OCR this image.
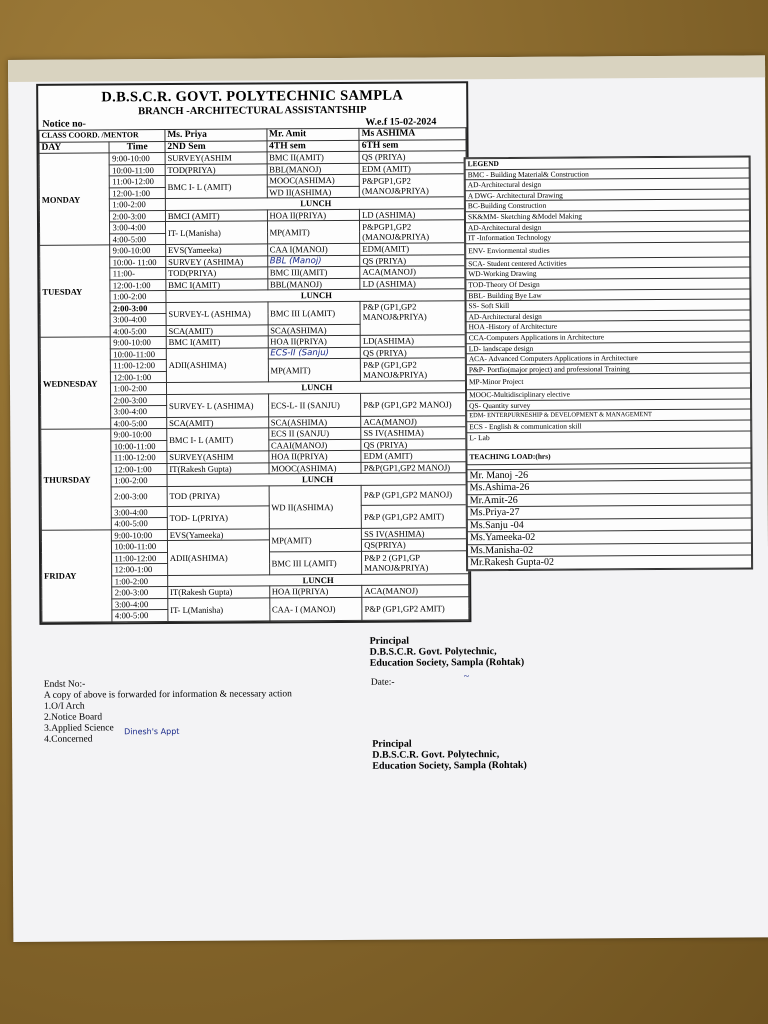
D.B.S.C.R. GOVT. POLYTECHNIC SAMPLA
BRANCH -ARCHITECTURAL ASSISTANTSHIP
Notice no-	W.e.f 15-02-2024
CLASS COORD. /MENTOR		Ms. Priya	Mr. Amit	Ms ASHIMA
DAY	Time	2ND Sem	4TH sem	6TH sem
MONDAY	9:00-10:00	SURVEY(ASHIM	BMC II(AMIT)	QS (PRIYA)
	10:00-11:00	TOD(PRIYA)	BBL(MANOJ)	EDM (AMIT)
	11:00-12:00	BMC I- L (AMIT)	MOOC(ASHIMA)	P&PGP1,GP2 (MANOJ&PRIYA)
	12:00-1:00		WD II(ASHIMA)	
	1:00-2:00	LUNCH		
	2:00-3:00	BMCI (AMIT)	HOA II(PRIYA)	LD (ASHIMA)
	3:00-4:00	IT- L(Manisha)	MP(AMIT)	P&PGP1,GP2 (MANOJ&PRIYA)
	4:00-5:00			
TUESDAY	9:00-10:00	EVS(Yameeka)	CAA I(MANOJ)	EDM(AMIT)
	10:00- 11:00	SURVEY (ASHIMA)	BBL (Manoj)	QS (PRIYA)
	11:00-	TOD(PRIYA)	BMC III(AMIT)	ACA(MANOJ)
	12:00-1:00	BMC I(AMIT)	BBL(MANOJ)	LD (ASHIMA)
	1:00-2:00	LUNCH		
	2:00-3:00	SURVEY-L (ASHIMA)	BMC III L(AMIT)	P&P (GP1,GP2 MANOJ&PRIYA)
	3:00-4:00			
	4:00-5:00	SCA(AMIT)	SCA(ASHIMA)	
WEDNESDAY	9:00-10:00	BMC I(AMIT)	HOA II(PRIYA)	LD(ASHIMA)
	10:00-11:00	ADII(ASHIMA)	ECS-II (Sanju)	QS (PRIYA)
	11:00-12:00		MP(AMIT)	P&P (GP1,GP2 MANOJ&PRIYA)
	12:00-1:00			
	1:00-2:00	LUNCH		
	2:00-3:00	SURVEY- L (ASHIMA)	ECS-L- II (SANJU)	P&P (GP1,GP2 MANOJ)
	3:00-4:00			
	4:00-5:00	SCA(AMIT)	SCA(ASHIMA)	ACA(MANOJ)
THURSDAY	9:00-10:00	BMC I- L (AMIT)	ECS II (SANJU)	SS IV(ASHIMA)
	10:00-11:00		CAAI(MANOJ)	QS (PRIYA)
	11:00-12:00	SURVEY(ASHIM	HOA II(PRIYA)	EDM (AMIT)
	12:00-1:00	IT(Rakesh Gupta)	MOOC(ASHIMA)	P&P(GP1,GP2 MANOJ)
	1:00-2:00	LUNCH		
	2:00-3:00	TOD (PRIYA)	WD II(ASHIMA)	P&P (GP1,GP2 MANOJ)
	3:00-4:00	TOD- L(PRIYA)		P&P (GP1,GP2 AMIT)
	4:00-5:00			
FRIDAY	9:00-10:00	EVS(Yameeka)	MP(AMIT)	SS IV(ASHIMA)
	10:00-11:00	ADII(ASHIMA)		QS(PRIYA)
	11:00-12:00		BMC III L(AMIT)	P&P 2 (GP1,GP MANOJ&PRIYA)
	12:00-1:00			
	1:00-2:00	LUNCH		
	2:00-3:00	IT(Rakesh Gupta)	HOA II(PRIYA)	ACA(MANOJ)
	3:00-4:00	IT- L(Manisha)	CAA- I (MANOJ)	P&P (GP1,GP2 AMIT)
	4:00-5:00			
LEGEND
BMC - Building Material& Construction
AD-Architectural design
A DWG- Architectural Drawing
BC-Building Construction
SK&MM- Sketching &Model Making
AD-Architectural design
IT -Information Technology
ENV- Enviormental studies
SCA- Student centered Activities
WD-Working Drawing
TOD-Theory Of Design
BBL- Building Bye Law
SS- Soft Skill
AD-Architectural design
HOA -History of Architecture
CCA-Computers Applications in Architecture
LD- landscape design
ACA- Advanced Computers Applications in Architecture
P&P- Portfio(major project) and professional Training
MP-Minor Project
MOOC-Multidisciplinary elective
QS- Quantity survey
EDM- ENTERPURNESHIP & DEVELOPMENT & MANAGEMENT
ECS - English & communication skill
L- Lab
TEACHING LOAD:(hrs)

Mr. Manoj -26
Ms.Ashima-26
Mr.Amit-26
Ms.Priya-27
Ms.Sanju -04
Ms.Yameeka-02
Ms.Manisha-02
Mr.Rakesh Gupta-02
Principal
D.B.S.C.R. Govt. Polytechnic,
Education Society, Sampla (Rohtak)
~
Endst No:-	Date:-
A copy of above is forwarded for information & necessary action
1.O/I Arch
2.Notice Board
3.Applied Science
4.Concerned
Dinesh's Appt
Principal
D.B.S.C.R. Govt. Polytechnic,
Education Society, Sampla (Rohtak)
